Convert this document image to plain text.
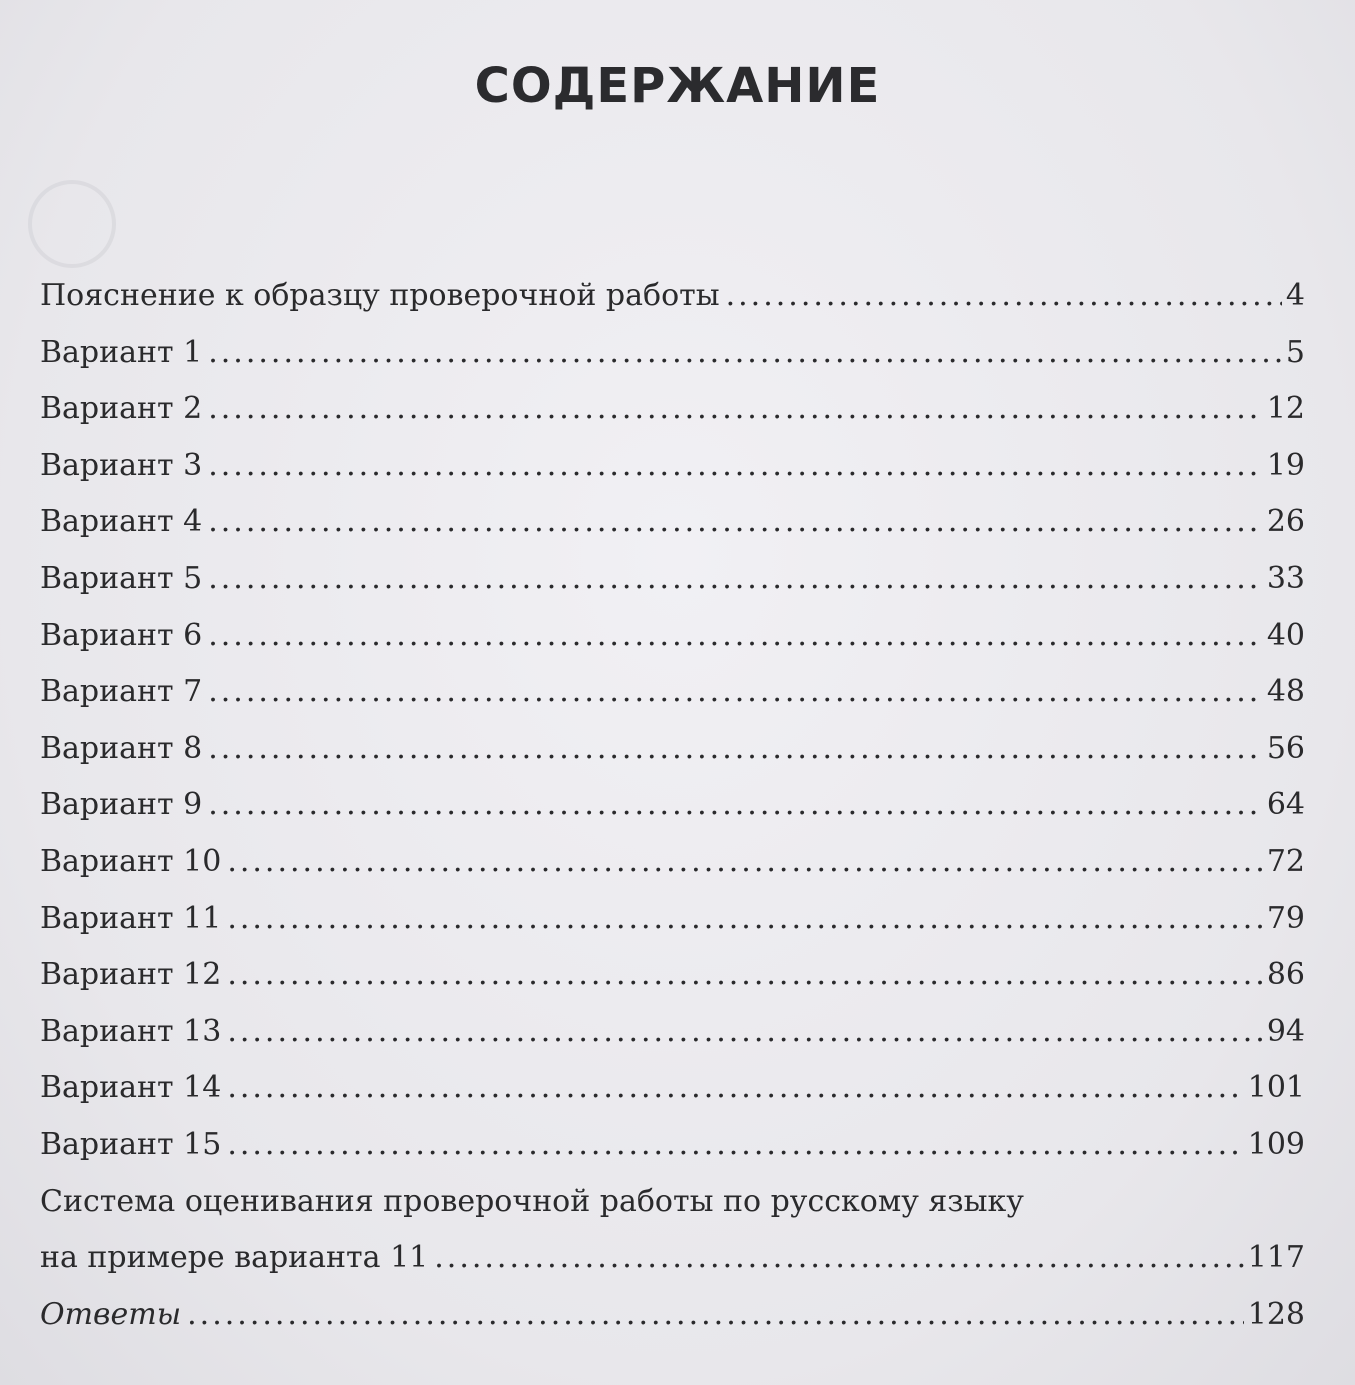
СОДЕРЖАНИЕ
Пояснение к образцу проверочной работы .....	4
Вариант 1 .....	5
Вариант 2 .....	12
Вариант 3 .....	19
Вариант 4 .....	26
Вариант 5 .....	33
Вариант 6 .....	40
Вариант 7 .....	48
Вариант 8 .....	56
Вариант 9 .....	64
Вариант 10 .....	72
Вариант 11 .....	79
Вариант 12 .....	86
Вариант 13 .....	94
Вариант 14 .....	101
Вариант 15 .....	109
Система оценивания проверочной работы по русскому языку
на примере варианта 11 .....	117
Ответы .....	128
